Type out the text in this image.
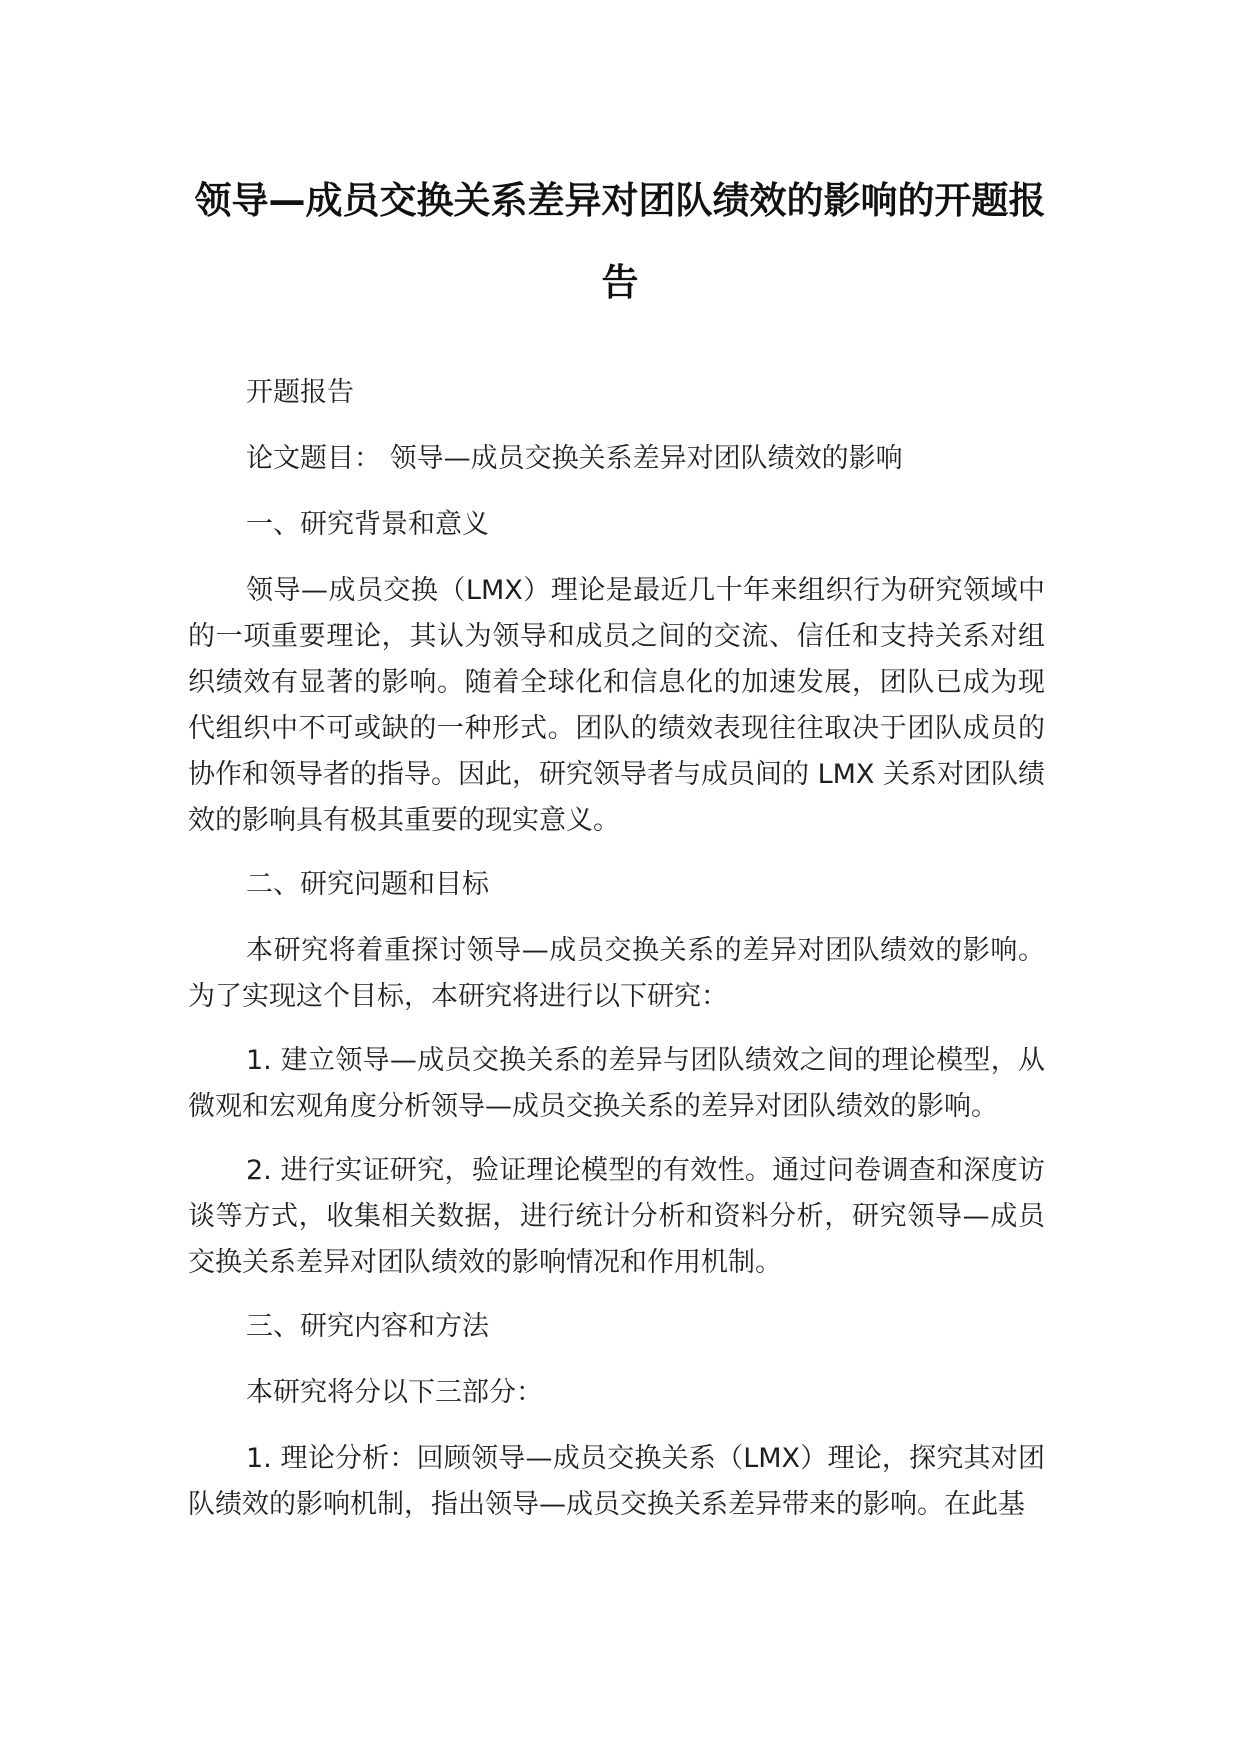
领导—成员交换关系差异对团队绩效的影响的开题报告

开题报告

论文题目： 领导—成员交换关系差异对团队绩效的影响

一、研究背景和意义

领导—成员交换（LMX）理论是最近几十年来组织行为研究领域中的一项重要理论，其认为领导和成员之间的交流、信任和支持关系对组织绩效有显著的影响。随着全球化和信息化的加速发展，团队已成为现代组织中不可或缺的一种形式。团队的绩效表现往往取决于团队成员的协作和领导者的指导。因此，研究领导者与成员间的 LMX 关系对团队绩效的影响具有极其重要的现实意义。

二、研究问题和目标

本研究将着重探讨领导—成员交换关系的差异对团队绩效的影响。为了实现这个目标，本研究将进行以下研究：

1. 建立领导—成员交换关系的差异与团队绩效之间的理论模型，从微观和宏观角度分析领导—成员交换关系的差异对团队绩效的影响。

2. 进行实证研究，验证理论模型的有效性。通过问卷调查和深度访谈等方式，收集相关数据，进行统计分析和资料分析，研究领导—成员交换关系差异对团队绩效的影响情况和作用机制。

三、研究内容和方法

本研究将分以下三部分：

1. 理论分析：回顾领导—成员交换关系（LMX）理论，探究其对团队绩效的影响机制，指出领导—成员交换关系差异带来的影响。在此基
